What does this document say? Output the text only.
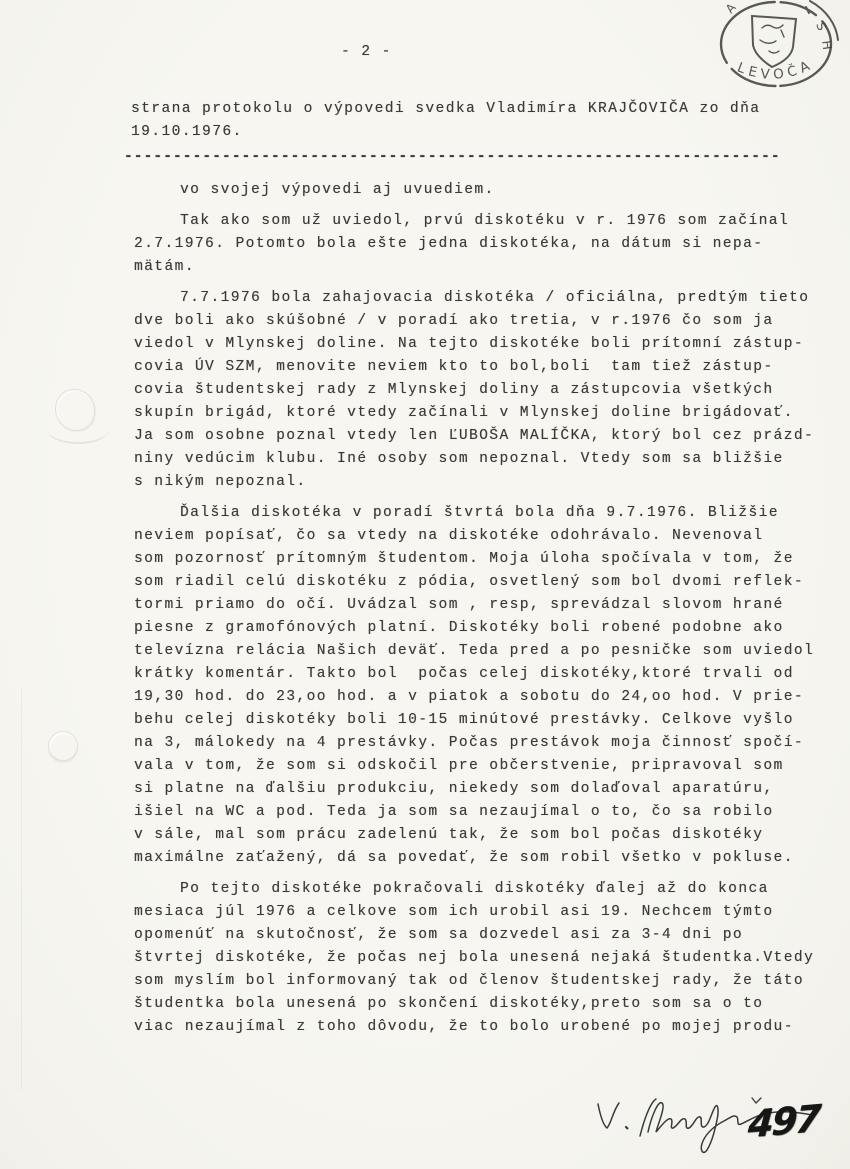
- 2 -
LEVOČA
A
S
H
strana protokolu o výpovedi svedka Vladimíra KRAJČOVIČA zo dňa
19.10.1976.
-------------------------------------------------------------------
vo svojej výpovedi aj uvuediem.
Tak ako som už uviedol, prvú diskotéku v r. 1976 som začínal
2.7.1976. Potomto bola ešte jedna diskotéka, na dátum si nepa-
mätám.
7.7.1976 bola zahajovacia diskotéka / oficiálna, predtým tieto
dve boli ako skúšobné / v poradí ako tretia, v r.1976 čo som ja
viedol v Mlynskej doline. Na tejto diskotéke boli prítomní zástup-
covia ÚV SZM, menovite neviem kto to bol,boli  tam tiež zástup-
covia študentskej rady z Mlynskej doliny a zástupcovia všetkých
skupín brigád, ktoré vtedy začínali v Mlynskej doline brigádovať.
Ja som osobne poznal vtedy len ĽUBOŠA MALÍČKA, ktorý bol cez prázd-
niny vedúcim klubu. Iné osoby som nepoznal. Vtedy som sa bližšie
s nikým nepoznal.
Ďalšia diskotéka v poradí štvrtá bola dňa 9.7.1976. Bližšie
neviem popísať, čo sa vtedy na diskotéke odohrávalo. Nevenoval
som pozornosť prítomným študentom. Moja úloha spočívala v tom, že
som riadil celú diskotéku z pódia, osvetlený som bol dvomi reflek-
tormi priamo do očí. Uvádzal som , resp, sprevádzal slovom hrané
piesne z gramofónových platní. Diskotéky boli robené podobne ako
televízna relácia Našich deväť. Teda pred a po pesničke som uviedol
krátky komentár. Takto bol  počas celej diskotéky,ktoré trvali od
19,30 hod. do 23,oo hod. a v piatok a sobotu do 24,oo hod. V prie-
behu celej diskotéky boli 10-15 minútové prestávky. Celkove vyšlo
na 3, málokedy na 4 prestávky. Počas prestávok moja činnosť spočí-
vala v tom, že som si odskočil pre občerstvenie, pripravoval som
si platne na ďalšiu produkciu, niekedy som dolaďoval aparatúru,
išiel na WC a pod. Teda ja som sa nezaujímal o to, čo sa robilo
v sále, mal som prácu zadelenú tak, že som bol počas diskotéky
maximálne zaťažený, dá sa povedať, že som robil všetko v pokluse.
Po tejto diskotéke pokračovali diskotéky ďalej až do konca
mesiaca júl 1976 a celkove som ich urobil asi 19. Nechcem týmto
opomenúť na skutočnosť, že som sa dozvedel asi za 3-4 dni po
štvrtej diskotéke, že počas nej bola unesená nejaká študentka.Vtedy
som myslím bol informovaný tak od členov študentskej rady, že táto
študentka bola unesená po skončení diskotéky,preto som sa o to
viac nezaujímal z toho dôvodu, že to bolo urobené po mojej produ-
497
